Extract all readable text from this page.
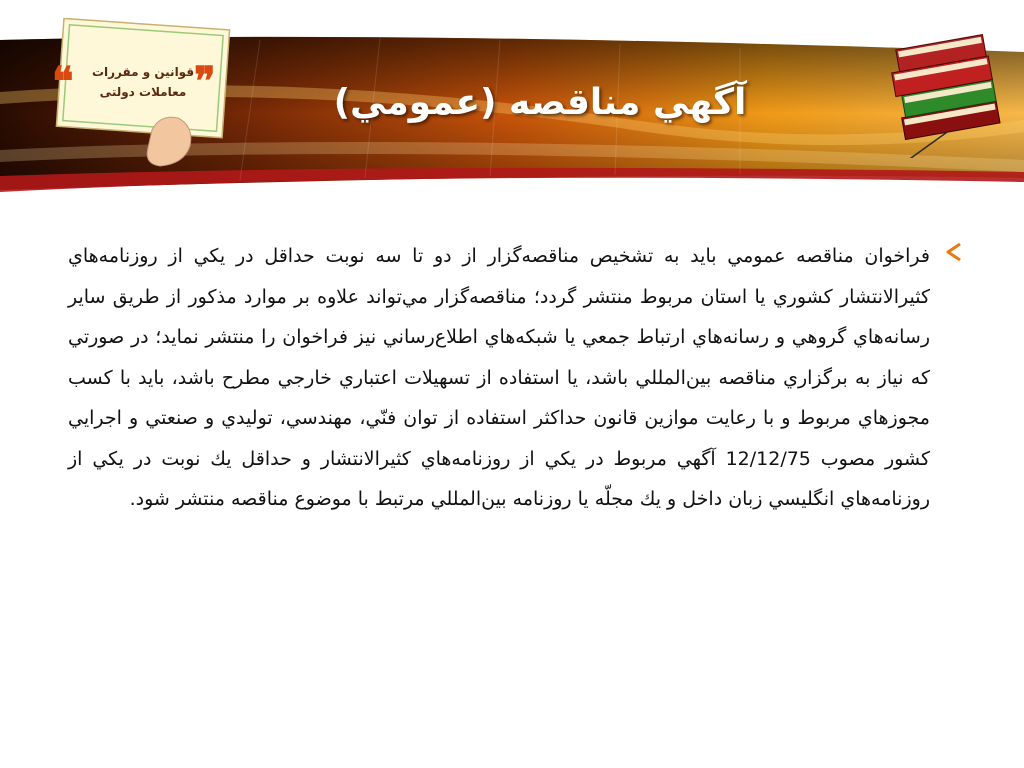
❝	❞
قوانين و مقررات
معاملات دولتى	آگهي مناقصه (عمومي)
فراخوان مناقصه عمومي بايد به تشخيص مناقصه‌گزار از دو تا سه نوبت حداقل در يكي از روزنامه‌هاي كثيرالانتشار كشوري يا استان مربوط منتشر گردد؛ مناقصه‌گزار مي‌تواند علاوه بر موارد مذكور از طريق ساير رسانه‌هاي گروهي و رسانه‌هاي ارتباط جمعي يا شبكه‌هاي اطلاع‌رساني نيز فراخوان را منتشر نمايد؛ در صورتي كه نياز به برگزاري مناقصه بين‌المللي باشد، يا استفاده از تسهيلات اعتباري خارجي مطرح باشد، بايد با كسب مجوزهاي مربوط و با رعايت موازين قانون حداكثر استفاده از توان فنّي، مهندسي، توليدي و صنعتي و اجرايي كشور مصوب 12/12/75 آگهي مربوط در يكي از روزنامه‌هاي كثيرالانتشار و حداقل يك نوبت در يكي از روزنامه‌هاي انگليسي زبان داخل و يك مجلّه يا روزنامه بين‌المللي مرتبط با موضوع مناقصه منتشر شود.
